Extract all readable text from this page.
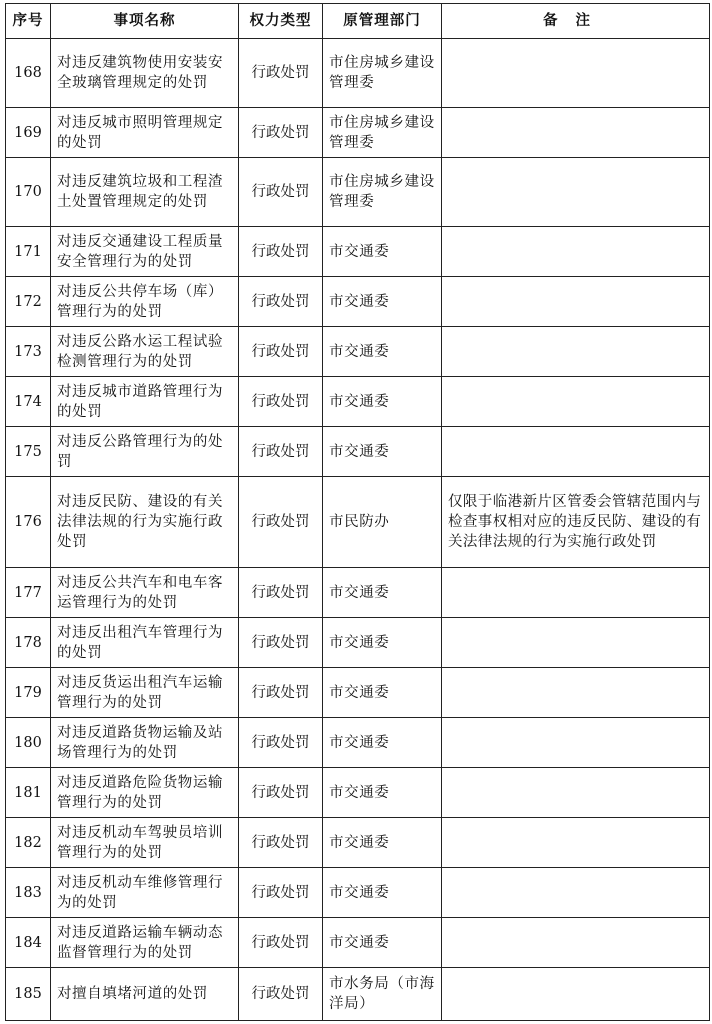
序号	事项名称	权力类型	原管理部门	备注
168	对违反建筑物使用安装安全玻璃管理规定的处罚	行政处罚	市住房城乡建设管理委	
169	对违反城市照明管理规定的处罚	行政处罚	市住房城乡建设管理委	
170	对违反建筑垃圾和工程渣土处置管理规定的处罚	行政处罚	市住房城乡建设管理委	
171	对违反交通建设工程质量安全管理行为的处罚	行政处罚	市交通委	
172	对违反公共停车场（库）管理行为的处罚	行政处罚	市交通委	
173	对违反公路水运工程试验检测管理行为的处罚	行政处罚	市交通委	
174	对违反城市道路管理行为的处罚	行政处罚	市交通委	
175	对违反公路管理行为的处罚	行政处罚	市交通委	
176	对违反民防、建设的有关法律法规的行为实施行政处罚	行政处罚	市民防办	仅限于临港新片区管委会管辖范围内与检查事权相对应的违反民防、建设的有关法律法规的行为实施行政处罚
177	对违反公共汽车和电车客运管理行为的处罚	行政处罚	市交通委	
178	对违反出租汽车管理行为的处罚	行政处罚	市交通委	
179	对违反货运出租汽车运输管理行为的处罚	行政处罚	市交通委	
180	对违反道路货物运输及站场管理行为的处罚	行政处罚	市交通委	
181	对违反道路危险货物运输管理行为的处罚	行政处罚	市交通委	
182	对违反机动车驾驶员培训管理行为的处罚	行政处罚	市交通委	
183	对违反机动车维修管理行为的处罚	行政处罚	市交通委	
184	对违反道路运输车辆动态监督管理行为的处罚	行政处罚	市交通委	
185	对擅自填堵河道的处罚	行政处罚	市水务局（市海洋局）	
